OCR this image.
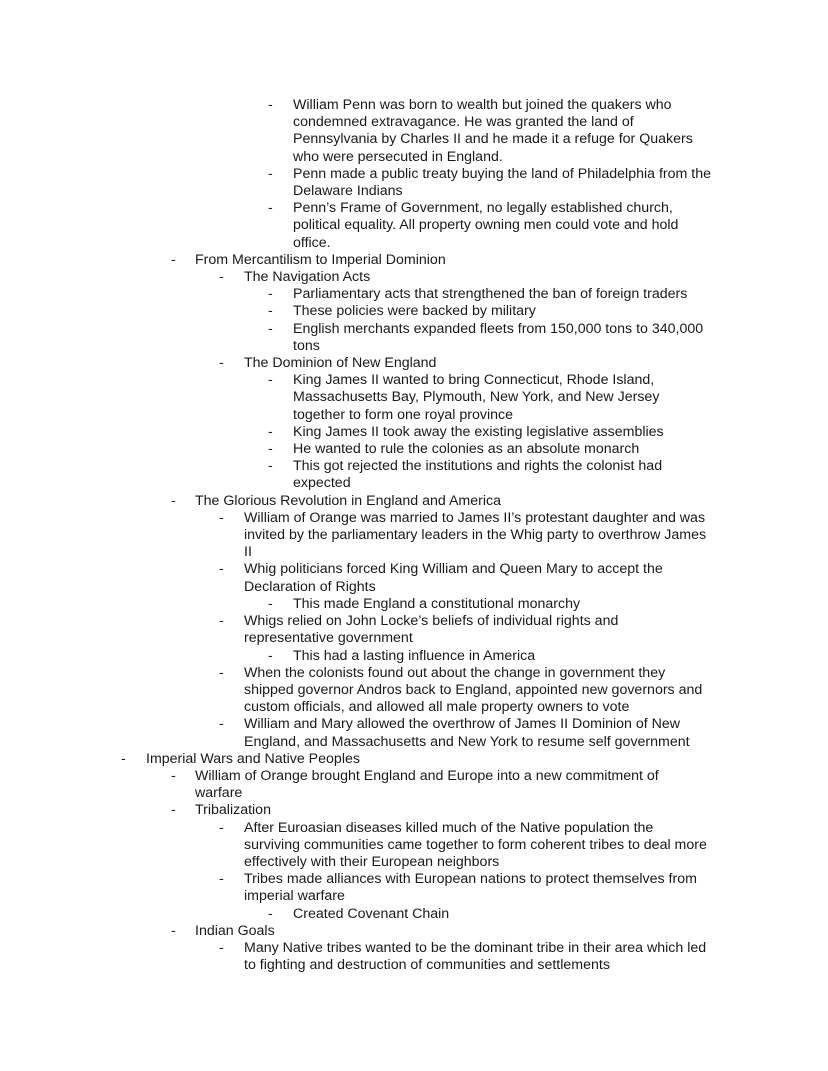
- William Penn was born to wealth but joined the quakers who
condemned extravagance. He was granted the land of
Pennsylvania by Charles II and he made it a refuge for Quakers
who were persecuted in England.
- Penn made a public treaty buying the land of Philadelphia from the
Delaware Indians
- Penn’s Frame of Government, no legally established church,
political equality. All property owning men could vote and hold
office.
- From Mercantilism to Imperial Dominion
- The Navigation Acts
- Parliamentary acts that strengthened the ban of foreign traders
- These policies were backed by military
- English merchants expanded fleets from 150,000 tons to 340,000
tons
- The Dominion of New England
- King James II wanted to bring Connecticut, Rhode Island,
Massachusetts Bay, Plymouth, New York, and New Jersey
together to form one royal province
- King James II took away the existing legislative assemblies
- He wanted to rule the colonies as an absolute monarch
- This got rejected the institutions and rights the colonist had
expected
- The Glorious Revolution in England and America
- William of Orange was married to James II’s protestant daughter and was
invited by the parliamentary leaders in the Whig party to overthrow James
II
- Whig politicians forced King William and Queen Mary to accept the
Declaration of Rights
- This made England a constitutional monarchy
- Whigs relied on John Locke’s beliefs of individual rights and
representative government
- This had a lasting influence in America
- When the colonists found out about the change in government they
shipped governor Andros back to England, appointed new governors and
custom officials, and allowed all male property owners to vote
- William and Mary allowed the overthrow of James II Dominion of New
England, and Massachusetts and New York to resume self government
- Imperial Wars and Native Peoples
- William of Orange brought England and Europe into a new commitment of
warfare
- Tribalization
- After Euroasian diseases killed much of the Native population the
surviving communities came together to form coherent tribes to deal more
effectively with their European neighbors
- Tribes made alliances with European nations to protect themselves from
imperial warfare
- Created Covenant Chain
- Indian Goals
- Many Native tribes wanted to be the dominant tribe in their area which led
to fighting and destruction of communities and settlements
